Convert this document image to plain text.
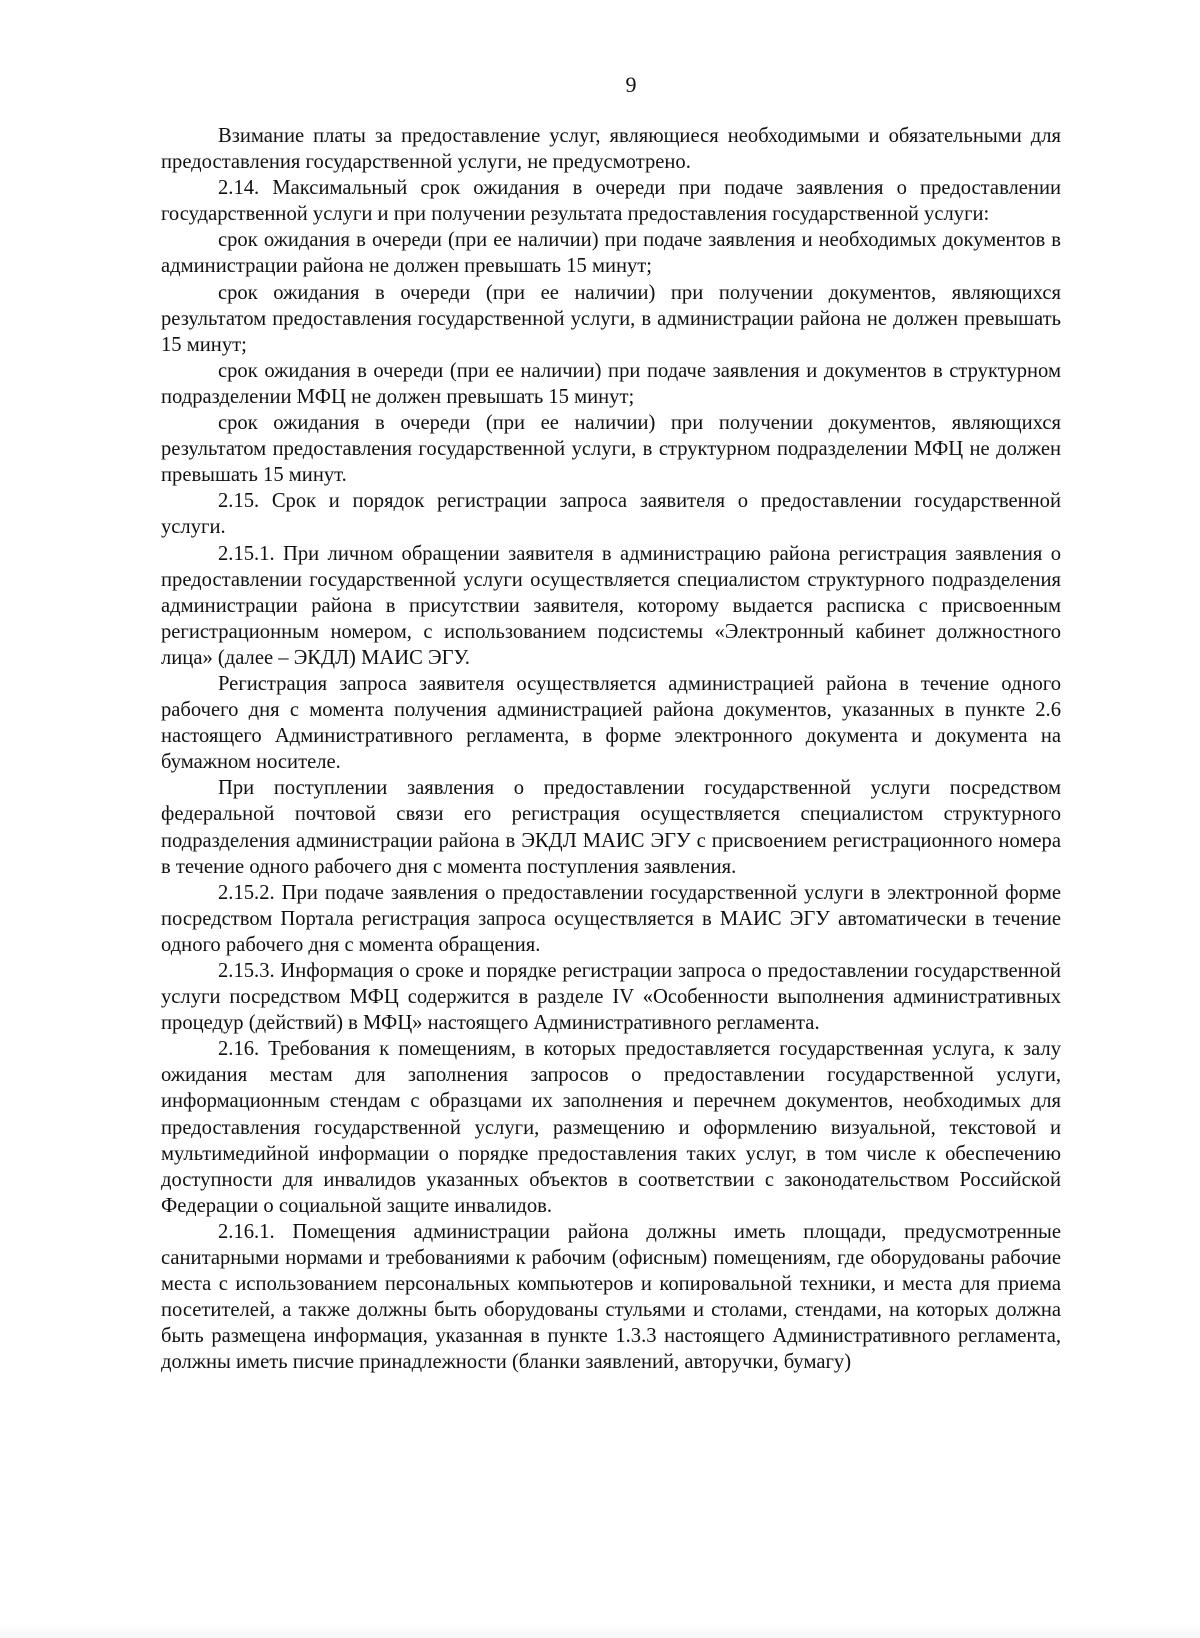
9

Взимание платы за предоставление услуг, являющиеся необходимыми и обязательными для предоставления государственной услуги, не предусмотрено.

2.14. Максимальный срок ожидания в очереди при подаче заявления о предоставлении государственной услуги и при получении результата предоставления государственной услуги:

срок ожидания в очереди (при ее наличии) при подаче заявления и необходимых документов в администрации района не должен превышать 15 минут;

срок ожидания в очереди (при ее наличии) при получении документов, являющихся результатом предоставления государственной услуги, в администрации района не должен превышать 15 минут;

срок ожидания в очереди (при ее наличии) при подаче заявления и документов в структурном подразделении МФЦ не должен превышать 15 минут;

срок ожидания в очереди (при ее наличии) при получении документов, являющихся результатом предоставления государственной услуги, в структурном подразделении МФЦ не должен превышать 15 минут.

2.15. Срок и порядок регистрации запроса заявителя о предоставлении государственной услуги.

2.15.1. При личном обращении заявителя в администрацию района регистрация заявления о предоставлении государственной услуги осуществляется специалистом структурного подразделения администрации района в присутствии заявителя, которому выдается расписка с присвоенным регистрационным номером, с использованием подсистемы «Электронный кабинет должностного лица» (далее – ЭКДЛ) МАИС ЭГУ.

Регистрация запроса заявителя осуществляется администрацией района в течение одного рабочего дня с момента получения администрацией района документов, указанных в пункте 2.6 настоящего Административного регламента, в форме электронного документа и документа на бумажном носителе.

При поступлении заявления о предоставлении государственной услуги посредством федеральной почтовой связи его регистрация осуществляется специалистом структурного подразделения администрации района в ЭКДЛ МАИС ЭГУ с присвоением регистрационного номера в течение одного рабочего дня с момента поступления заявления.

2.15.2. При подаче заявления о предоставлении государственной услуги в электронной форме посредством Портала регистрация запроса осуществляется в МАИС ЭГУ автоматически в течение одного рабочего дня с момента обращения.

2.15.3. Информация о сроке и порядке регистрации запроса о предоставлении государственной услуги посредством МФЦ содержится в разделе IV «Особенности выполнения административных процедур (действий) в МФЦ» настоящего Административного регламента.

2.16. Требования к помещениям, в которых предоставляется государственная услуга, к залу ожидания местам для заполнения запросов о предоставлении государственной услуги, информационным стендам с образцами их заполнения и перечнем документов, необходимых для предоставления государственной услуги, размещению и оформлению визуальной, текстовой и мультимедийной информации о порядке предоставления таких услуг, в том числе к обеспечению доступности для инвалидов указанных объектов в соответствии с законодательством Российской Федерации о социальной защите инвалидов.

2.16.1. Помещения администрации района должны иметь площади, предусмотренные санитарными нормами и требованиями к рабочим (офисным) помещениям, где оборудованы рабочие места с использованием персональных компьютеров и копировальной техники, и места для приема посетителей, а также должны быть оборудованы стульями и столами, стендами, на которых должна быть размещена информация, указанная в пункте 1.3.3 настоящего Административного регламента, должны иметь писчие принадлежности (бланки заявлений, авторучки, бумагу)
